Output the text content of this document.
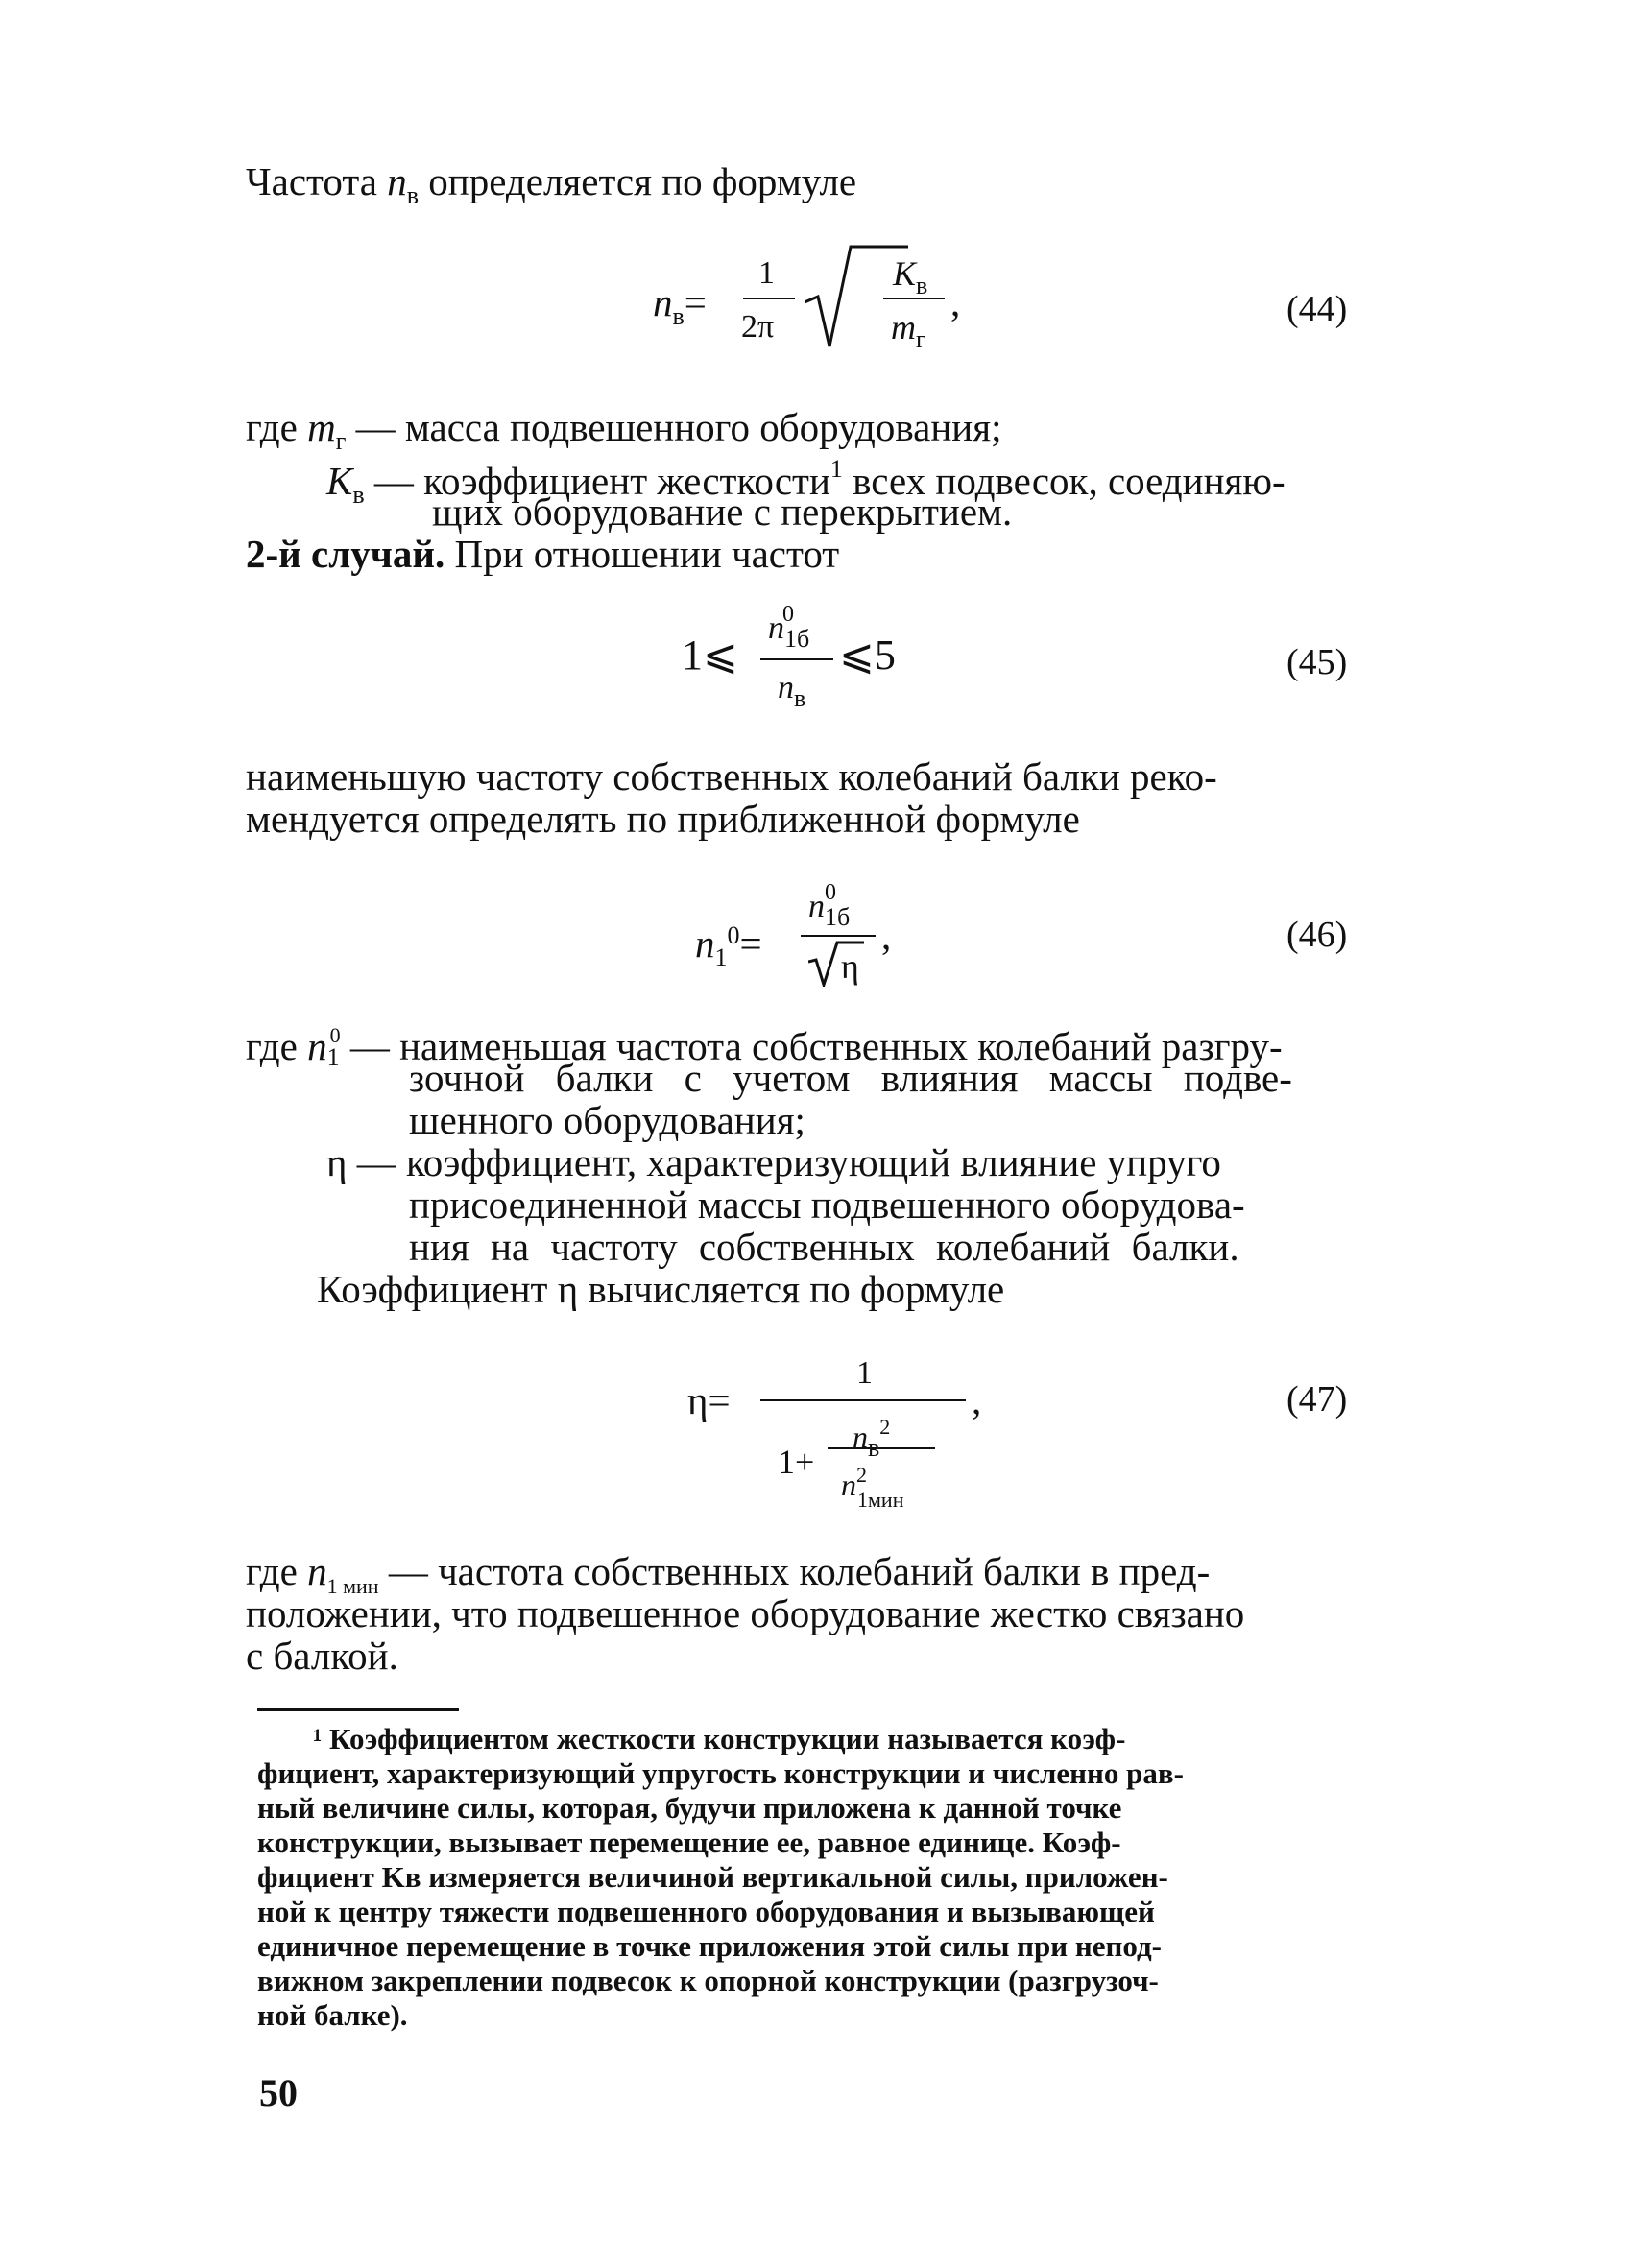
Частота $n_в$ определяется по формуле
$n_в=$
1
2π
$K_в$
$m_г$
,	(44)
где $m_г$ — масса подвешенного оборудования;
$K_в$ — коэффициент жесткости$^1$ всех подвесок, соединяю-
щих оборудование с перекрытием.
2-й случай. При отношении частот
1⩽
$n^0_{1б}$
$n_в$
⩽5	(45)
наименьшую частоту собственных колебаний балки реко-
мендуется определять по приближенной формуле
$n_1^0=$
$n^0_{1б}$
η
,	(46)
где $n_1^0$ — наименьшая частота собственных колебаний разгру-
зочной балки с учетом влияния массы подве-
шенного оборудования;
η — коэффициент, характеризующий влияние упруго
присоединенной массы подвешенного оборудова-
ния на частоту собственных колебаний балки.
Коэффициент η вычисляется по формуле
η=
1
1+
$n_в^2$
$n^2_{1мин}$
,	(47)
где $n_{1 мин}$ — частота собственных колебаний балки в пред-
положении, что подвешенное оборудование жестко связано
с балкой.
¹ Коэффициентом жесткости конструкции называется коэф-
фициент, характеризующий упругость конструкции и численно рав-
ный величине силы, которая, будучи приложена к данной точке
конструкции, вызывает перемещение ее, равное единице. Коэф-
фициент Kв измеряется величиной вертикальной силы, приложен-
ной к центру тяжести подвешенного оборудования и вызывающей
единичное перемещение в точке приложения этой силы при непод-
вижном закреплении подвесок к опорной конструкции (разгрузоч-
ной балке).
50
